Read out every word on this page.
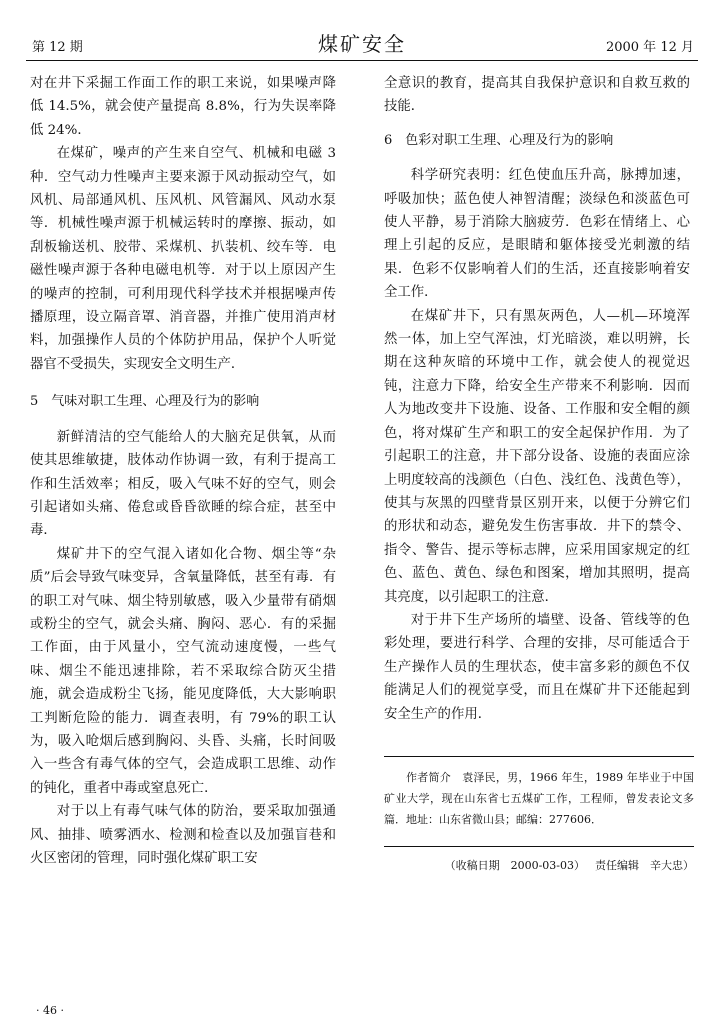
第 12 期	煤矿安全	2000 年 12 月

对在井下采掘工作面工作的职工来说，如果噪声降低 14.5%，就会使产量提高 8.8%，行为失误率降低 24%．

在煤矿，噪声的产生来自空气、机械和电磁 3 种．空气动力性噪声主要来源于风动振动空气，如风机、局部通风机、压风机、风管漏风、风动水泵等．机械性噪声源于机械运转时的摩擦、振动，如刮板输送机、胶带、采煤机、扒装机、绞车等．电磁性噪声源于各种电磁电机等．对于以上原因产生的噪声的控制，可利用现代科学技术并根据噪声传播原理，设立隔音罩、消音器，并推广使用消声材料，加强操作人员的个体防护用品，保护个人听觉器官不受损失，实现安全文明生产．

5　气味对职工生理、心理及行为的影响

新鲜清洁的空气能给人的大脑充足供氧，从而使其思维敏捷，肢体动作协调一致，有利于提高工作和生活效率；相反，吸入气味不好的空气，则会引起诸如头痛、倦怠或昏昏欲睡的综合症，甚至中毒．

煤矿井下的空气混入诸如化合物、烟尘等“杂质”后会导致气味变异，含氧量降低，甚至有毒．有的职工对气味、烟尘特别敏感，吸入少量带有硝烟或粉尘的空气，就会头痛、胸闷、恶心．有的采掘工作面，由于风量小，空气流动速度慢，一些气味、烟尘不能迅速排除，若不采取综合防灭尘措施，就会造成粉尘飞扬，能见度降低，大大影响职工判断危险的能力．调查表明，有 79%的职工认为，吸入呛烟后感到胸闷、头昏、头痛，长时间吸入一些含有毒气体的空气，会造成职工思维、动作的钝化，重者中毒或窒息死亡．

对于以上有毒气味气体的防治，要采取加强通风、抽排、喷雾洒水、检测和检查以及加强盲巷和火区密闭的管理，同时强化煤矿职工安

全意识的教育，提高其自我保护意识和自救互救的技能．

6　色彩对职工生理、心理及行为的影响

科学研究表明：红色使血压升高，脉搏加速，呼吸加快；蓝色使人神智清醒；淡绿色和淡蓝色可使人平静，易于消除大脑疲劳．色彩在情绪上、心理上引起的反应，是眼睛和躯体接受光刺激的结果．色彩不仅影响着人们的生活，还直接影响着安全工作．

在煤矿井下，只有黑灰两色，人—机—环境浑然一体，加上空气浑浊，灯光暗淡，难以明辨，长期在这种灰暗的环境中工作，就会使人的视觉迟钝，注意力下降，给安全生产带来不利影响．因而人为地改变井下设施、设备、工作服和安全帽的颜色，将对煤矿生产和职工的安全起保护作用．为了引起职工的注意，井下部分设备、设施的表面应涂上明度较高的浅颜色（白色、浅红色、浅黄色等），使其与灰黑的四壁背景区别开来，以便于分辨它们的形状和动态，避免发生伤害事故．井下的禁令、指令、警告、提示等标志牌，应采用国家规定的红色、蓝色、黄色、绿色和图案，增加其照明，提高其亮度，以引起职工的注意．

对于井下生产场所的墙壁、设备、管线等的色彩处理，要进行科学、合理的安排，尽可能适合于生产操作人员的生理状态，使丰富多彩的颜色不仅能满足人们的视觉享受，而且在煤矿井下还能起到安全生产的作用．

作者简介　袁泽民，男，1966 年生，1989 年毕业于中国矿业大学，现在山东省七五煤矿工作，工程师，曾发表论文多篇．地址：山东省微山县；邮编：277606．

（收稿日期　2000-03-03） 责任编辑　辛大忠）
· 46 ·
